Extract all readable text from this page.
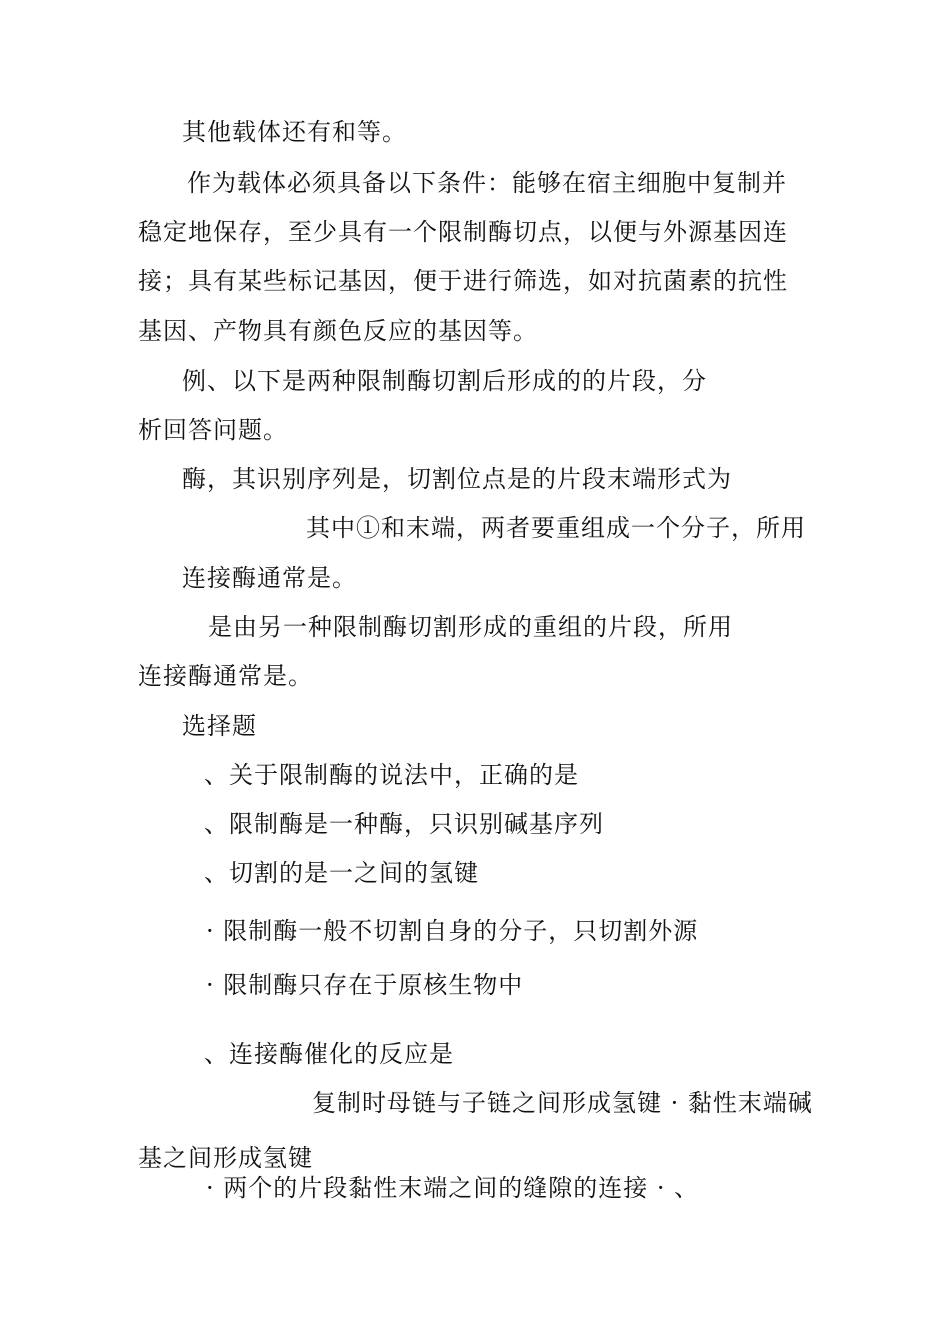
其他载体还有和等。
作为载体必须具备以下条件：能够在宿主细胞中复制并
稳定地保存，至少具有一个限制酶切点，以便与外源基因连
接；具有某些标记基因，便于进行筛选，如对抗菌素的抗性
基因、产物具有颜色反应的基因等。
例、以下是两种限制酶切割后形成的的片段，分
析回答问题。
酶，其识别序列是，切割位点是的片段末端形式为
其中①和末端，两者要重组成一个分子，所用
连接酶通常是。
是由另一种限制酶切割形成的重组的片段，所用
连接酶通常是。
选择题
、关于限制酶的说法中，正确的是
、限制酶是一种酶，只识别碱基序列
、切割的是一之间的氢键
· 限制酶一般不切割自身的分子，只切割外源
· 限制酶只存在于原核生物中
、连接酶催化的反应是
复制时母链与子链之间形成氢键 · 黏性末端碱
基之间形成氢键
· 两个的片段黏性末端之间的缝隙的连接 · 、
